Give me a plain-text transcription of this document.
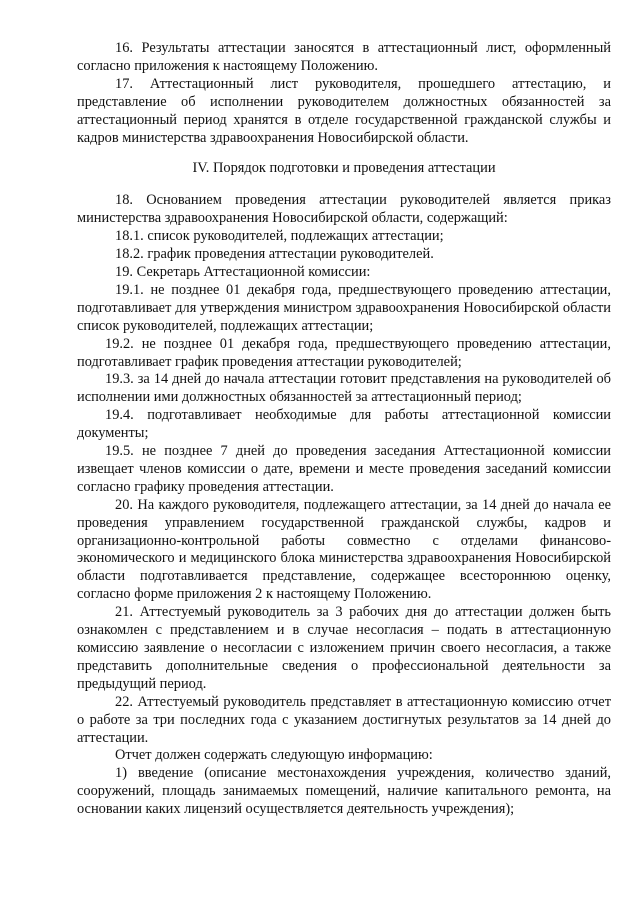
16. Результаты аттестации заносятся в аттестационный лист, оформленный согласно приложения к настоящему Положению.

17. Аттестационный лист руководителя, прошедшего аттестацию, и представление об исполнении руководителем должностных обязанностей за аттестационный период хранятся в отделе государственной гражданской службы и кадров министерства здравоохранения Новосибирской области.

IV. Порядок подготовки и проведения аттестации

18. Основанием проведения аттестации руководителей является приказ министерства здравоохранения Новосибирской области, содержащий:

18.1. список руководителей, подлежащих аттестации;

18.2. график проведения аттестации руководителей.

19. Секретарь Аттестационной комиссии:

19.1. не позднее 01 декабря года, предшествующего проведению аттестации, подготавливает для утверждения министром здравоохранения Новосибирской области список руководителей, подлежащих аттестации;

19.2. не позднее 01 декабря года, предшествующего проведению аттестации, подготавливает график проведения аттестации руководителей;

19.3. за 14 дней до начала аттестации готовит представления на руководителей об исполнении ими должностных обязанностей за аттестационный период;

19.4. подготавливает необходимые для работы аттестационной комиссии документы;

19.5. не позднее 7 дней до проведения заседания Аттестационной комиссии извещает членов комиссии о дате, времени и месте проведения заседаний комиссии согласно графику проведения аттестации.

20. На каждого руководителя, подлежащего аттестации, за 14 дней до начала ее проведения управлением государственной гражданской службы, кадров и организационно-контрольной работы совместно с отделами финансово-экономического и медицинского блока министерства здравоохранения Новосибирской области подготавливается представление, содержащее всестороннюю оценку, согласно форме приложения 2 к настоящему Положению.

21. Аттестуемый руководитель за 3 рабочих дня до аттестации должен быть ознакомлен с представлением и в случае несогласия – подать в аттестационную комиссию заявление о несогласии с изложением причин своего несогласия, а также представить дополнительные сведения о профессиональной деятельности за предыдущий период.

22. Аттестуемый руководитель представляет в аттестационную комиссию отчет о работе за три последних года с указанием достигнутых результатов за 14 дней до аттестации.

Отчет должен содержать следующую информацию:

1) введение (описание местонахождения учреждения, количество зданий, сооружений, площадь занимаемых помещений, наличие капитального ремонта, на основании каких лицензий осуществляется деятельность учреждения);
